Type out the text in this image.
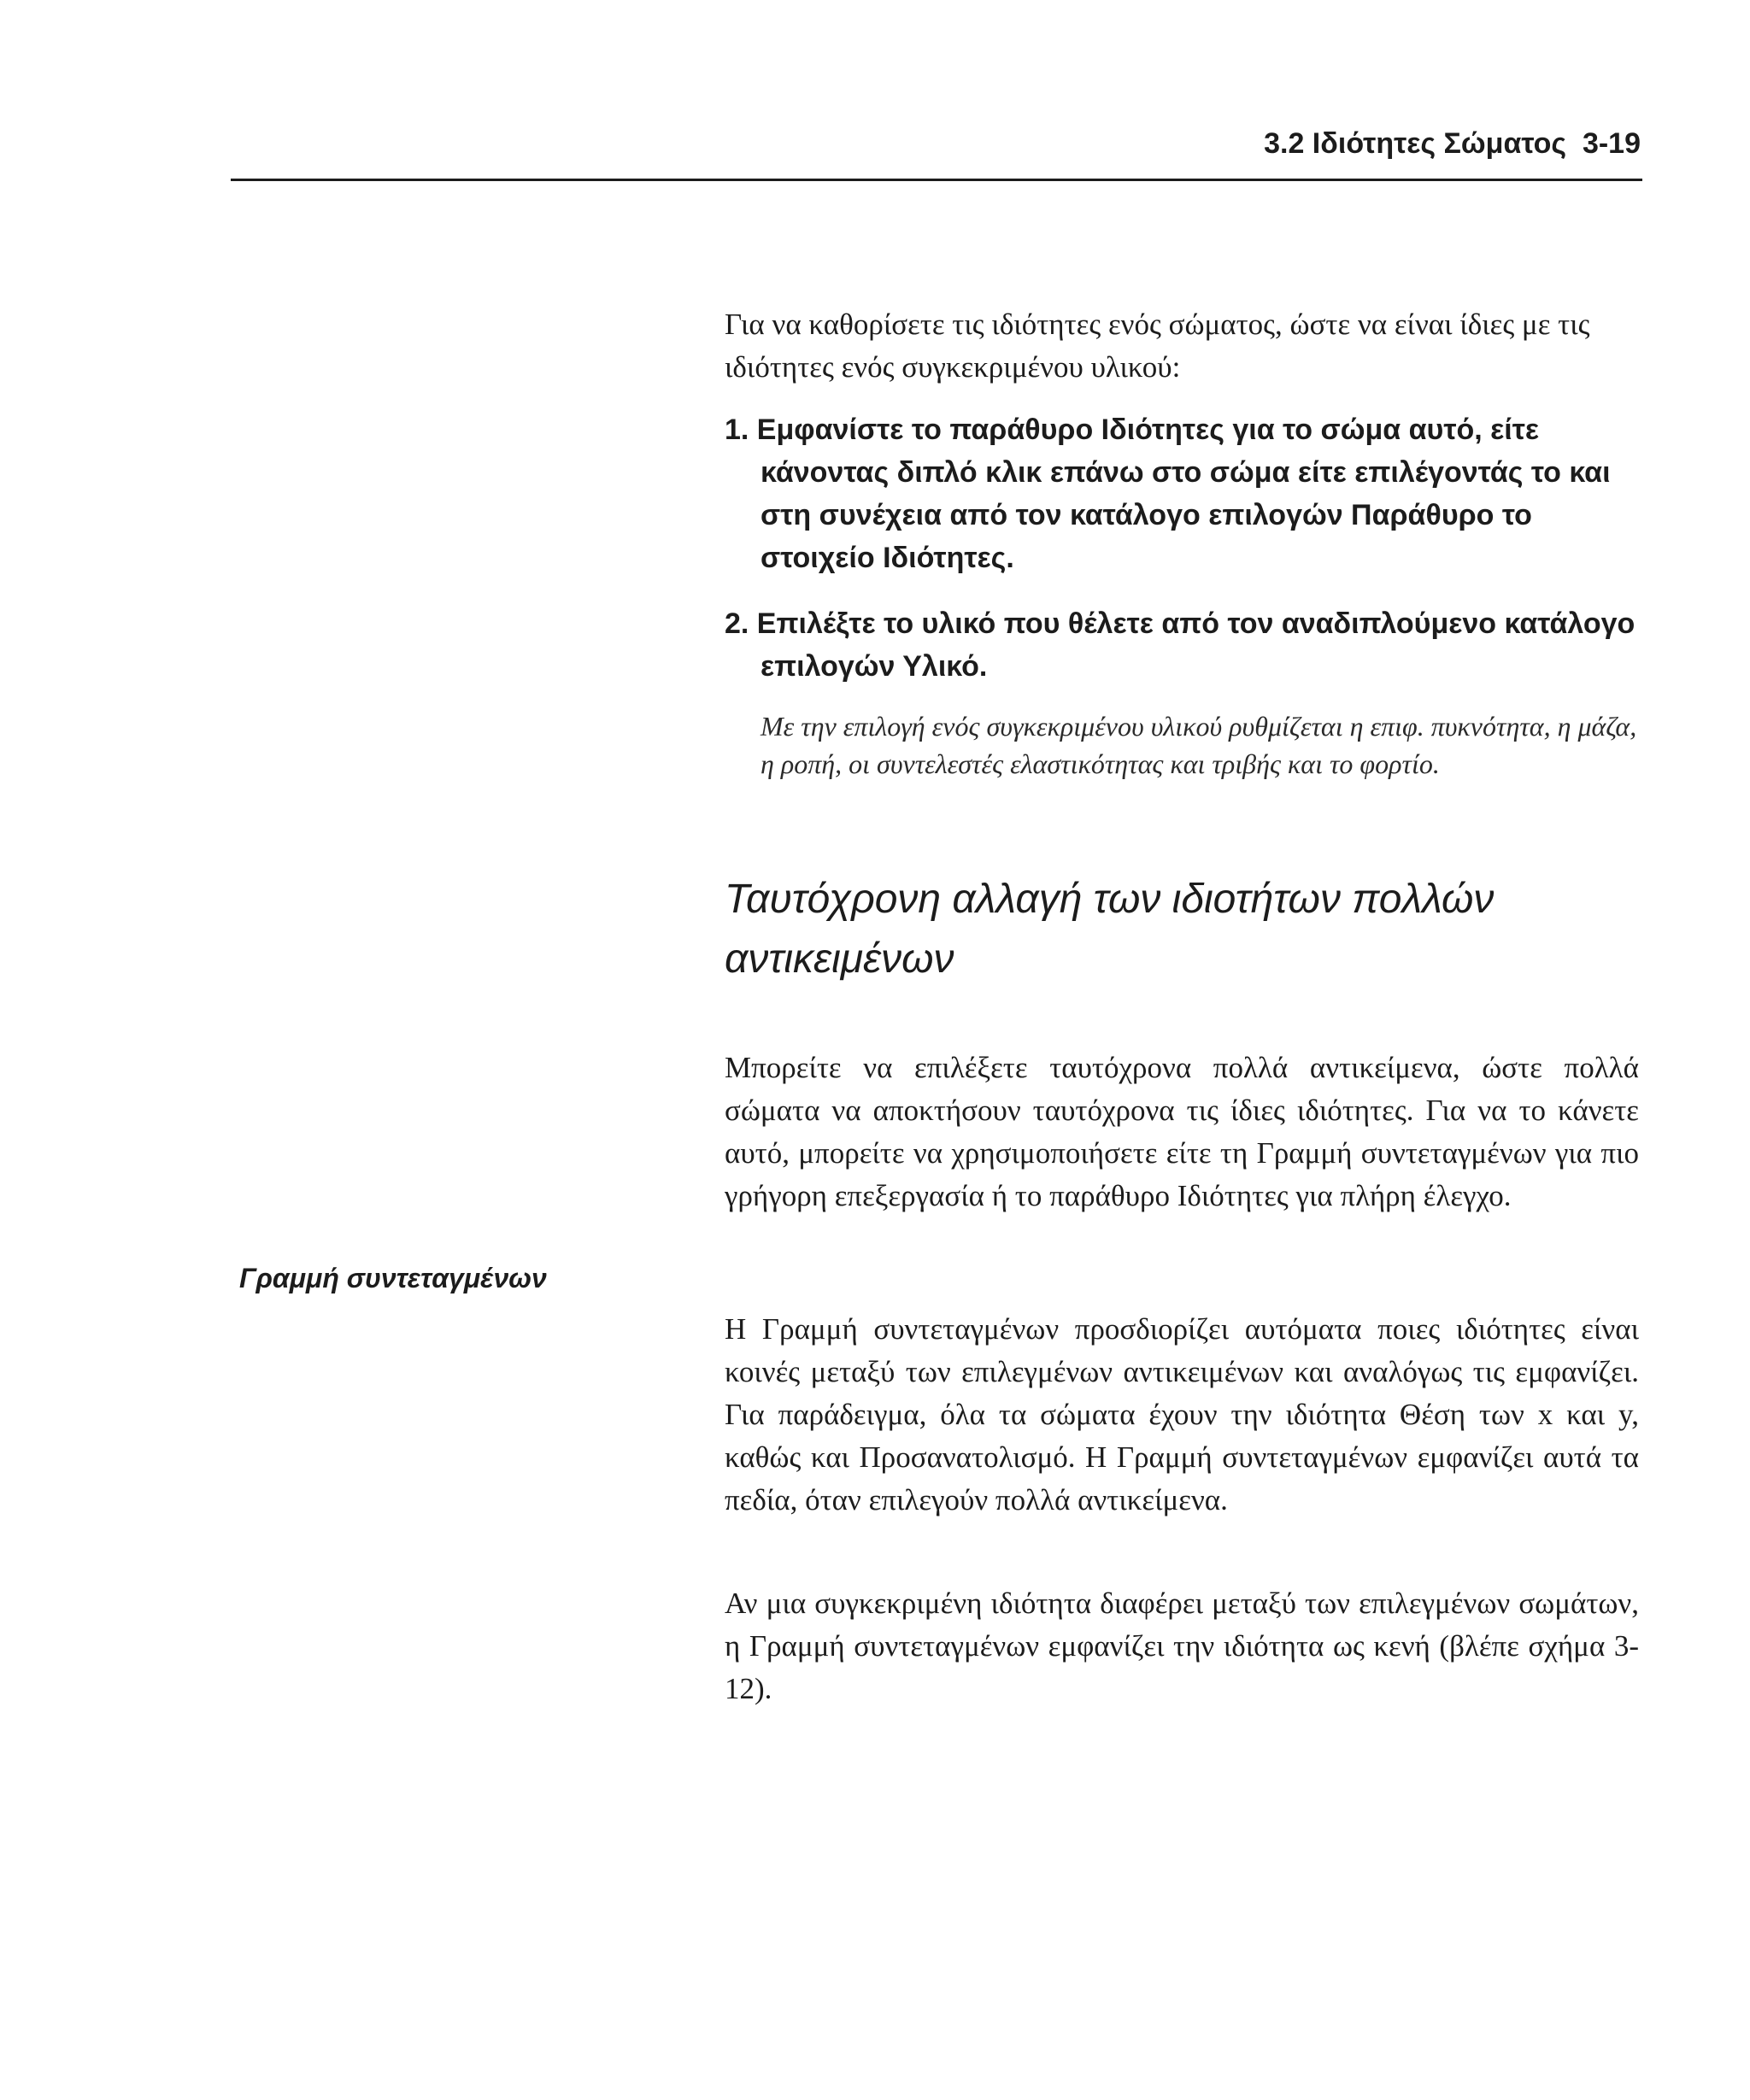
3.2 Ιδιότητες Σώματος 3-19

Για να καθορίσετε τις ιδιότητες ενός σώματος, ώστε να είναι ίδιες με τις ιδιότητες ενός συγκεκριμένου υλικού:

1. Εμφανίστε το παράθυρο Ιδιότητες για το σώμα αυτό, είτε κάνοντας διπλό κλικ επάνω στο σώμα είτε επιλέγοντάς το και στη συνέχεια από τον κατάλογο επιλογών Παράθυρο το στοιχείο Ιδιότητες.

2. Επιλέξτε το υλικό που θέλετε από τον αναδιπλούμενο κατάλογο επιλογών Υλικό.

Με την επιλογή ενός συγκεκριμένου υλικού ρυθμίζεται η επιφ. πυκνότητα, η μάζα, η ροπή, οι συντελεστές ελαστικότητας και τριβής και το φορτίο.

Ταυτόχρονη αλλαγή των ιδιοτήτων πολλών αντικειμένων
Γραμμή συντεταγμένων

Μπορείτε να επιλέξετε ταυτόχρονα πολλά αντικείμενα, ώστε πολλά σώματα να αποκτήσουν ταυτόχρονα τις ίδιες ιδιότητες. Για να το κάνετε αυτό, μπορείτε να χρησιμοποιήσετε είτε τη Γραμμή συντεταγμένων για πιο γρήγορη επεξεργασία ή το παράθυρο Ιδιότητες για πλήρη έλεγχο.

Η Γραμμή συντεταγμένων προσδιορίζει αυτόματα ποιες ιδιότητες είναι κοινές μεταξύ των επιλεγμένων αντικειμένων και αναλόγως τις εμφανίζει. Για παράδειγμα, όλα τα σώματα έχουν την ιδιότητα Θέση των x και y, καθώς και Προσανατολισμό. Η Γραμμή συντεταγμένων εμφανίζει αυτά τα πεδία, όταν επιλεγούν πολλά αντικείμενα.

Αν μια συγκεκριμένη ιδιότητα διαφέρει μεταξύ των επιλεγμένων σωμάτων, η Γραμμή συντεταγμένων εμφανίζει την ιδιότητα ως κενή (βλέπε σχήμα 3-12).
